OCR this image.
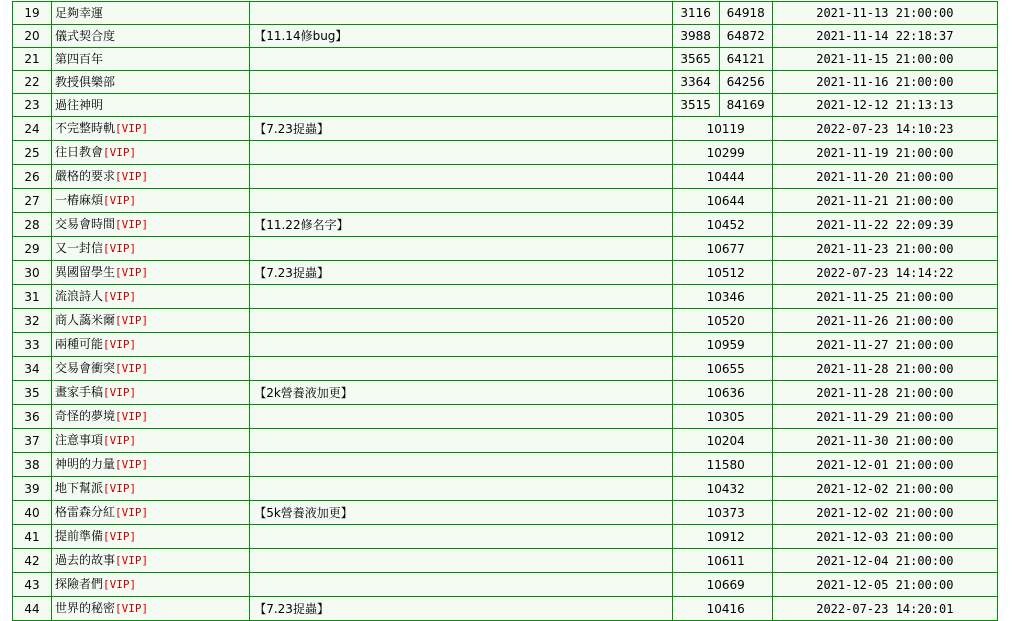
19	足夠幸運		3116	64918	2021-11-13 21:00:00
20	儀式契合度	【11.14修bug】	3988	64872	2021-11-14 22:18:37
21	第四百年		3565	64121	2021-11-15 21:00:00
22	教授俱樂部		3364	64256	2021-11-16 21:00:00
23	過往神明		3515	84169	2021-12-12 21:13:13
24	不完整時軌[VIP]	【7.23捉蟲】	10119		2022-07-23 14:10:23
25	往日教會[VIP]		10299		2021-11-19 21:00:00
26	嚴格的要求[VIP]		10444		2021-11-20 21:00:00
27	一樁麻煩[VIP]		10644		2021-11-21 21:00:00
28	交易會時間[VIP]	【11.22修名字】	10452		2021-11-22 22:09:39
29	又一封信[VIP]		10677		2021-11-23 21:00:00
30	異國留學生[VIP]	【7.23捉蟲】	10512		2022-07-23 14:14:22
31	流浪詩人[VIP]		10346		2021-11-25 21:00:00
32	商人藹米爾[VIP]		10520		2021-11-26 21:00:00
33	兩種可能[VIP]		10959		2021-11-27 21:00:00
34	交易會衝突[VIP]		10655		2021-11-28 21:00:00
35	畫家手稿[VIP]	【2k營養液加更】	10636		2021-11-28 21:00:00
36	奇怪的夢境[VIP]		10305		2021-11-29 21:00:00
37	注意事項[VIP]		10204		2021-11-30 21:00:00
38	神明的力量[VIP]		11580		2021-12-01 21:00:00
39	地下幫派[VIP]		10432		2021-12-02 21:00:00
40	格雷森分紅[VIP]	【5k營養液加更】	10373		2021-12-02 21:00:00
41	提前準備[VIP]		10912		2021-12-03 21:00:00
42	過去的故事[VIP]		10611		2021-12-04 21:00:00
43	探險者們[VIP]		10669		2021-12-05 21:00:00
44	世界的秘密[VIP]	【7.23捉蟲】	10416		2022-07-23 14:20:01
